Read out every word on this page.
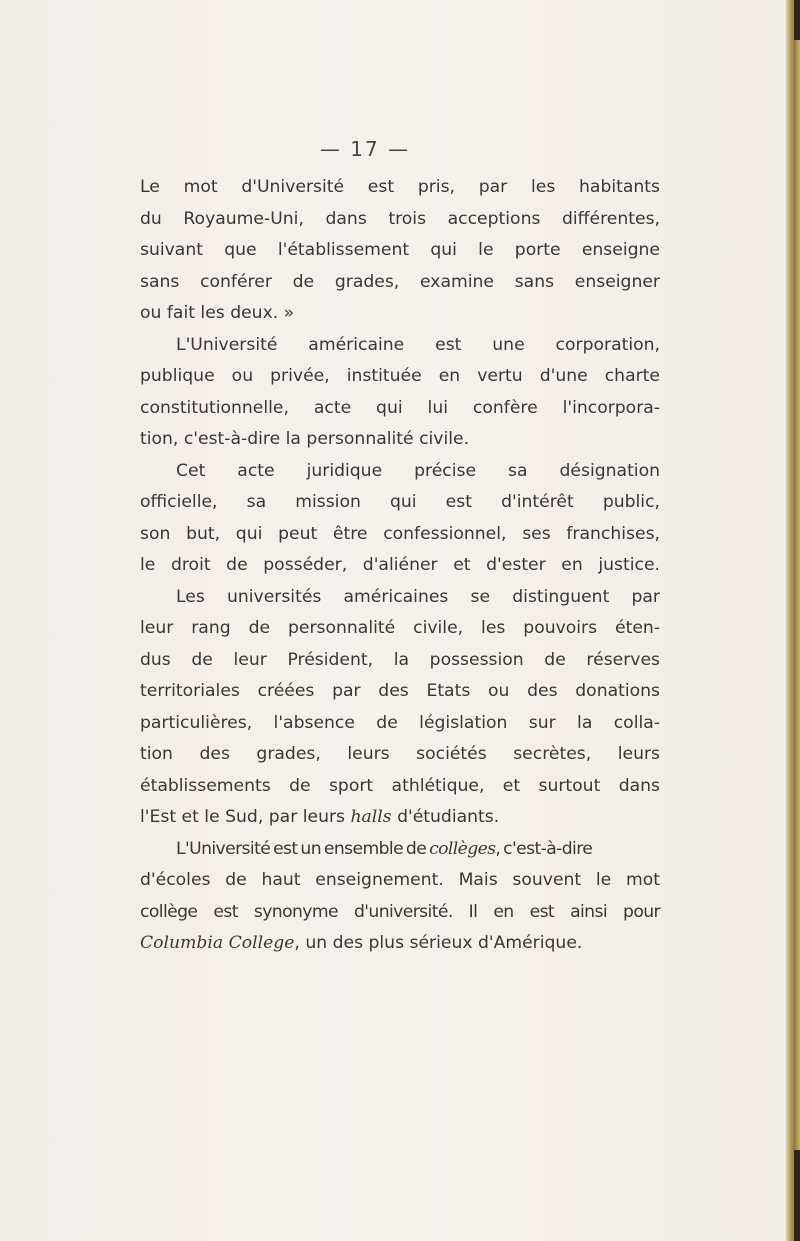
— 17 —
Le mot d'Université est pris, par les habitants
du Royaume-Uni, dans trois acceptions différentes,
suivant que l'établissement qui le porte enseigne
sans conférer de grades, examine sans enseigner
ou fait les deux. »
L'Université américaine est une corporation,
publique ou privée, instituée en vertu d'une charte
constitutionnelle, acte qui lui confère l'incorpora-
tion, c'est-à-dire la personnalité civile.
Cet acte juridique précise sa désignation
officielle, sa mission qui est d'intérêt public,
son but, qui peut être confessionnel, ses franchises,
le droit de posséder, d'aliéner et d'ester en justice.
Les universités américaines se distinguent par
leur rang de personnalité civile, les pouvoirs éten-
dus de leur Président, la possession de réserves
territoriales créées par des Etats ou des donations
particulières, l'absence de législation sur la colla-
tion des grades, leurs sociétés secrètes, leurs
établissements de sport athlétique, et surtout dans
l'Est et le Sud, par leurs halls d'étudiants.
L'Université est un ensemble de collèges, c'est-à-dire
d'écoles de haut enseignement. Mais souvent le mot
collège est synonyme d'université. Il en est ainsi pour
Columbia College, un des plus sérieux d'Amérique.
